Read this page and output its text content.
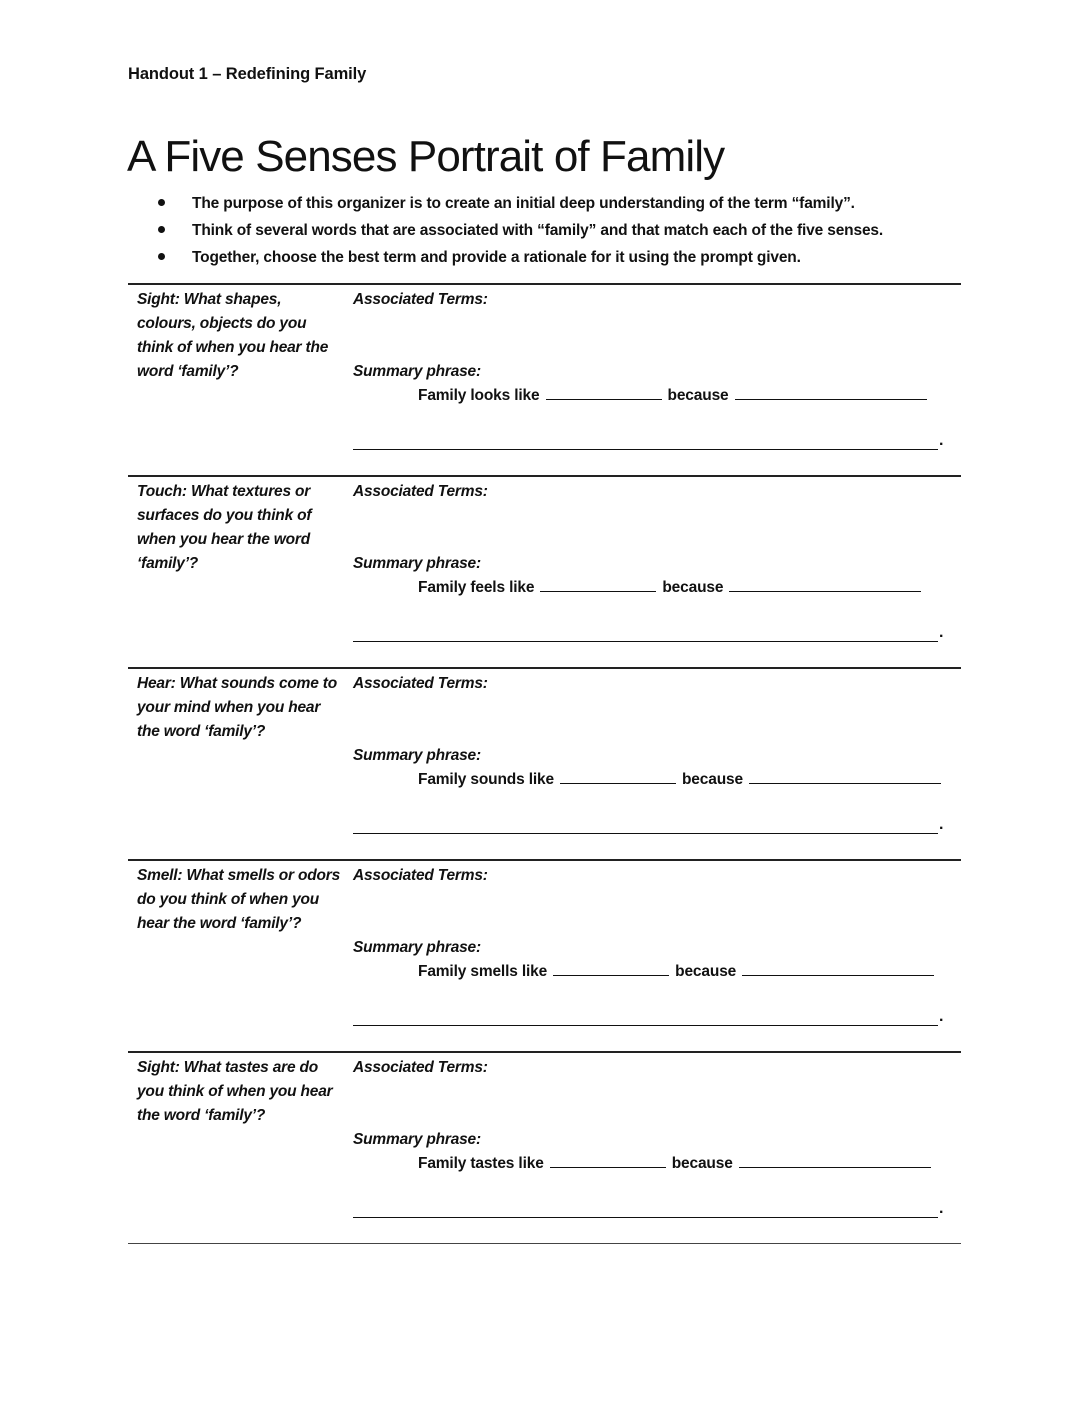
Handout 1 – Redefining Family
A Five Senses Portrait of Family
The purpose of this organizer is to create an initial deep understanding of the term “family”.
Think of several words that are associated with “family” and that match each of the five senses.
Together, choose the best term and provide a rationale for it using the prompt given.
Sight: What shapes, colours, objects do you think of when you hear the word ‘family’?
Associated Terms:
Summary phrase:
Family looks like	because
.
Touch: What textures or surfaces do you think of when you hear the word ‘family’?
Associated Terms:
Summary phrase:
Family feels like	because
.
Hear: What sounds come to your mind when you hear the word ‘family’?
Associated Terms:
Summary phrase:
Family sounds like	because
.
Smell: What smells or odors do you think of when you hear the word ‘family’?
Associated Terms:
Summary phrase:
Family smells like	because
.
Sight: What tastes are do you think of when you hear the word ‘family’?
Associated Terms:
Summary phrase:
Family tastes like	because
.
